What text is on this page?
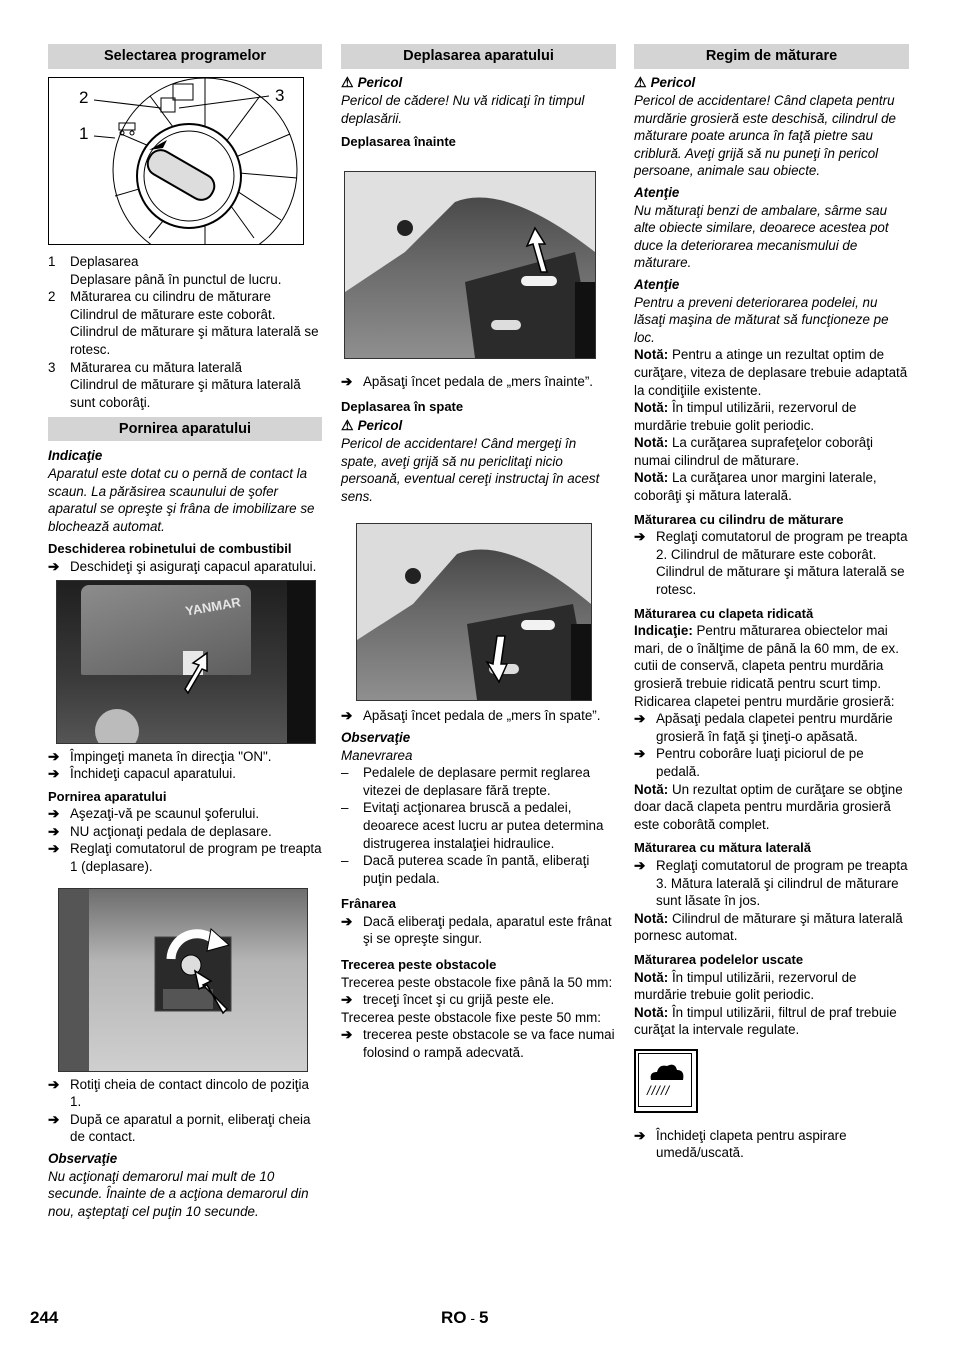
Selectarea programelor
2
1
3
1 Deplasarea
Deplasare până în punctul de lucru.
2 Măturarea cu cilindru de măturare
Cilindrul de măturare este coborât. Cilindrul de măturare şi mătura laterală se rotesc.
3 Măturarea cu mătura laterală
Cilindrul de măturare şi mătura laterală sunt coborâţi.
Pornirea aparatului

Indicaţie

Aparatul este dotat cu o pernă de contact la scaun. La părăsirea scaunului de şofer aparatul se opreşte şi frâna de imobilizare se blochează automat.

Deschiderea robinetului de combustibil

➔ Deschideţi şi asiguraţi capacul aparatului.
YANMAR
➔ Împingeţi maneta în direcţia "ON".
➔ Închideţi capacul aparatului.

Pornirea aparatului

➔ Aşezaţi-vă pe scaunul şoferului.
➔ NU acţionaţi pedala de deplasare.
➔ Reglaţi comutatorul de program pe treapta 1 (deplasare).
➔ Rotiţi cheia de contact dincolo de poziţia 1.
➔ După ce aparatul a pornit, eliberaţi cheia de contact.

Observaţie

Nu acţionaţi demarorul mai mult de 10 secunde. Înainte de a acţiona demarorul din nou, aşteptaţi cel puţin 10 secunde.

Deplasarea aparatului

⚠ Pericol

Pericol de cădere! Nu vă ridicaţi în timpul deplasării.

Deplasarea înainte

➔ Apăsaţi încet pedala de „mers înainte”.

Deplasarea în spate

⚠ Pericol

Pericol de accidentare! Când mergeţi în spate, aveţi grijă să nu periclitaţi nicio persoană, eventual cereţi instructaj în acest sens.

➔ Apăsaţi încet pedala de „mers în spate”.

Observaţie

Manevrarea

– Pedalele de deplasare permit reglarea vitezei de deplasare fără trepte.
– Evitaţi acţionarea bruscă a pedalei, deoarece acest lucru ar putea determina distrugerea instalaţiei hidraulice.
– Dacă puterea scade în pantă, eliberaţi puţin pedala.

Frânarea

➔ Dacă eliberaţi pedala, aparatul este frânat şi se opreşte singur.

Trecerea peste obstacole

Trecerea peste obstacole fixe până la 50 mm:

➔ treceţi încet şi cu grijă peste ele.

Trecerea peste obstacole fixe peste 50 mm:

➔ trecerea peste obstacole se va face numai folosind o rampă adecvată.
Regim de măturare

⚠ Pericol

Pericol de accidentare! Când clapeta pentru murdărie grosieră este deschisă, cilindrul de măturare poate arunca în faţă pietre sau criblură. Aveţi grijă să nu puneţi în pericol persoane, animale sau obiecte.

Atenţie

Nu măturaţi benzi de ambalare, sârme sau alte obiecte similare, deoarece acestea pot duce la deteriorarea mecanismului de măturare.

Atenţie

Pentru a preveni deteriorarea podelei, nu lăsaţi maşina de măturat să funcţioneze pe loc.

Notă: Pentru a atinge un rezultat optim de curăţare, viteza de deplasare trebuie adaptată la condiţiile existente.

Notă: În timpul utilizării, rezervorul de murdărie trebuie golit periodic.

Notă: La curăţarea suprafeţelor coborâţi numai cilindrul de măturare.

Notă: La curăţarea unor margini laterale, coborâţi şi mătura laterală.

Măturarea cu cilindru de măturare

➔ Reglaţi comutatorul de program pe treapta 2. Cilindrul de măturare este coborât. Cilindrul de măturare şi mătura laterală se rotesc.

Măturarea cu clapeta ridicată

Indicaţie: Pentru măturarea obiectelor mai mari, de o înălţime de până la 60 mm, de ex. cutii de conservă, clapeta pentru murdăria grosieră trebuie ridicată pentru scurt timp.

Ridicarea clapetei pentru murdărie grosieră:

➔ Apăsaţi pedala clapetei pentru murdărie grosieră în faţă şi ţineţi-o apăsată.
➔ Pentru coborâre luaţi piciorul de pe pedală.

Notă: Un rezultat optim de curăţare se obţine doar dacă clapeta pentru murdăria grosieră este coborâtă complet.

Măturarea cu mătura laterală

➔ Reglaţi comutatorul de program pe treapta 3. Mătura laterală şi cilindrul de măturare sunt lăsate în jos.

Notă: Cilindrul de măturare şi mătura laterală pornesc automat.

Măturarea podelelor uscate

Notă: În timpul utilizării, rezervorul de murdărie trebuie golit periodic.

Notă: În timpul utilizării, filtrul de praf trebuie curăţat la intervale regulate.

/////
➔ Închideţi clapeta pentru aspirare umedă/uscată.
244	RO - 5
